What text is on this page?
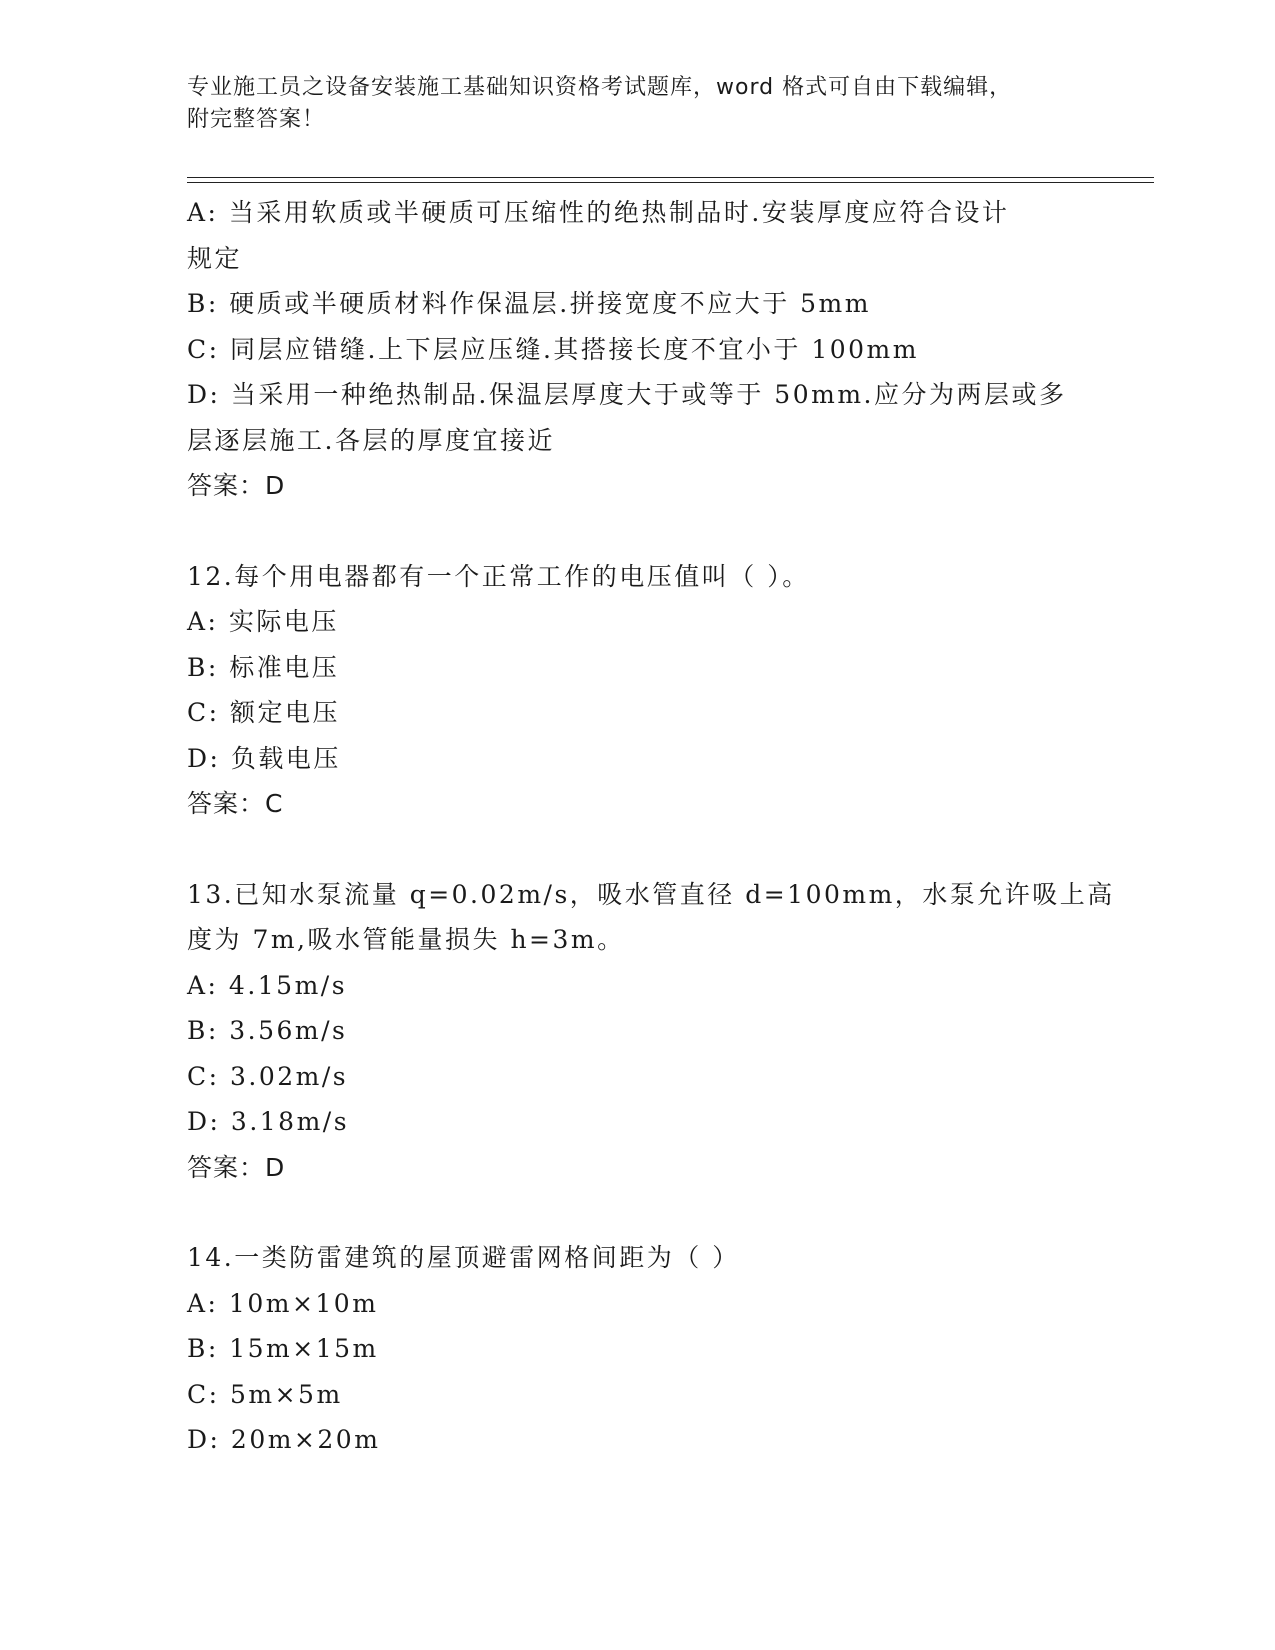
专业施工员之设备安装施工基础知识资格考试题库，word 格式可自由下载编辑，
附完整答案！
A: 当采用软质或半硬质可压缩性的绝热制品时.安装厚度应符合设计
规定
B: 硬质或半硬质材料作保温层.拼接宽度不应大于 5mm
C: 同层应错缝.上下层应压缝.其搭接长度不宜小于 100mm
D: 当采用一种绝热制品.保温层厚度大于或等于 50mm.应分为两层或多
层逐层施工.各层的厚度宜接近
答案：D
12.每个用电器都有一个正常工作的电压值叫（ ）。
A: 实际电压
B: 标准电压
C: 额定电压
D: 负载电压
答案：C
13.已知水泵流量 q=0.02m/s，吸水管直径 d=100mm，水泵允许吸上高
度为 7m,吸水管能量损失 h=3m。
A: 4.15m/s
B: 3.56m/s
C: 3.02m/s
D: 3.18m/s
答案：D
14.一类防雷建筑的屋顶避雷网格间距为（ ）
A: 10m×10m
B: 15m×15m
C: 5m×5m
D: 20m×20m
